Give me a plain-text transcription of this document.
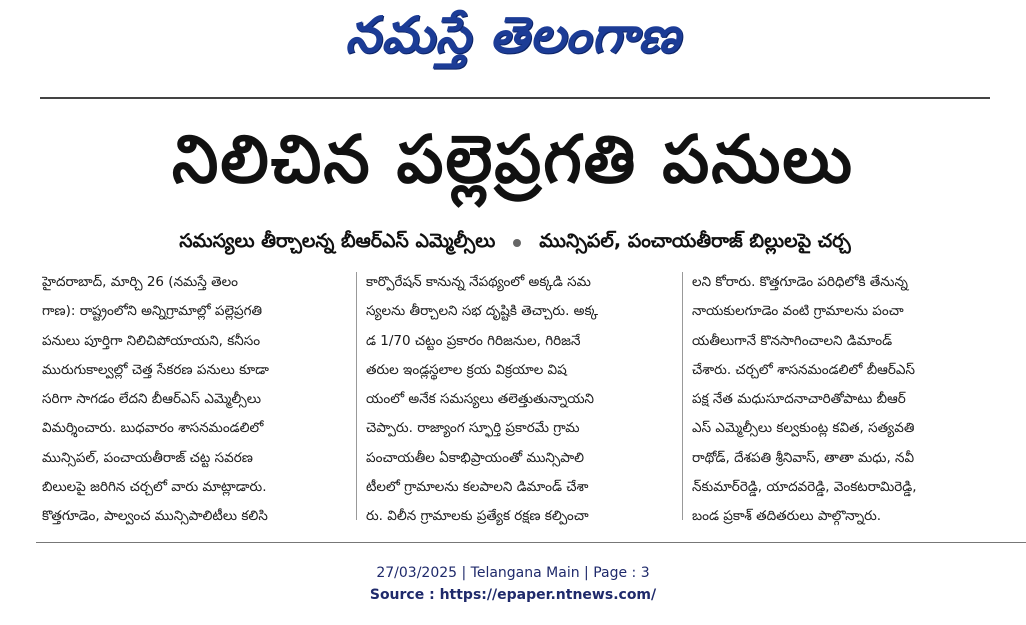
నమస్తే తెలంగాణ
నిలిచిన పల్లెప్రగతి పనులు
సమస్యలు తీర్చాలన్న బీఆర్‌ఎస్ ఎమ్మెల్సీలు మున్సిపల్, పంచాయతీరాజ్ బిల్లులపై చర్చ
హైదరాబాద్, మార్చి 26 (నమస్తే తెలం
గాణ): రాష్ట్రంలోని అన్నిగ్రామాల్లో పల్లెప్రగతి
పనులు పూర్తిగా నిలిచిపోయాయని, కనీసం
మురుగుకాల్వల్లో చెత్త సేకరణ పనులు కూడా
సరిగా సాగడం లేదని బీఆర్‌ఎస్ ఎమ్మెల్సీలు
విమర్శించారు. బుధవారం శాసనమండలిలో
మున్సిపల్, పంచాయతీరాజ్ చట్ట సవరణ
బిలులపై జరిగిన చర్చలో వారు మాట్లాడారు.
కొత్తగూడెం, పాల్వంచ మున్సిపాలిటీలు కలిసి
కార్పొరేషన్ కానున్న నేపథ్యంలో అక్కడి సమ
స్యలను తీర్చాలని సభ దృష్టికి తెచ్చారు. అక్క
డ 1/70 చట్టం ప్రకారం గిరిజనుల, గిరిజనే
తరుల ఇండ్లస్థలాల క్రయ విక్రయాల విష
యంలో అనేక సమస్యలు తలెత్తుతున్నాయని
చెప్పారు. రాజ్యాంగ స్ఫూర్తి ప్రకారమే గ్రామ
పంచాయతీల ఏకాభిప్రాయంతో మున్సిపాలి
టీలలో గ్రామాలను కలపాలని డిమాండ్ చేశా
రు. విలీన గ్రామాలకు ప్రత్యేక రక్షణ కల్పించా
లని కోరారు. కొత్తగూడెం పరిధిలోకి తేనున్న
నాయకులగూడెం వంటి గ్రామాలను పంచా
యతీలుగానే కొనసాగించాలని డిమాండ్
చేశారు. చర్చలో శాసనమండలిలో బీఆర్‌ఎస్
పక్ష నేత మధుసూదనాచారితోపాటు బీఆర్
ఎస్ ఎమ్మెల్సీలు కల్వకుంట్ల కవిత, సత్యవతి
రాథోడ్, దేశపతి శ్రీనివాస్, తాతా మధు, నవీ
న్‌కుమార్‌రెడ్డి, యాదవరెడ్డి, వెంకటరామిరెడ్డి,
బండ ప్రకాశ్ తదితరులు పాల్గొన్నారు.
27/03/2025 | Telangana Main | Page : 3
Source : https://epaper.ntnews.com/
